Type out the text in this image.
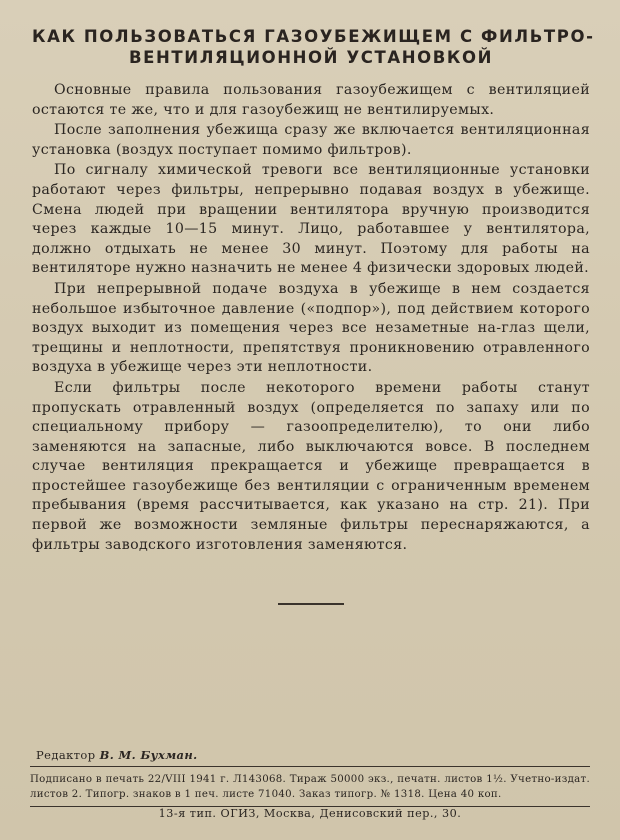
КАК ПОЛЬЗОВАТЬСЯ ГАЗОУБЕЖИЩЕМ С ФИЛЬТРО-
ВЕНТИЛЯЦИОННОЙ УСТАНОВКОЙ

Основные правила пользования газоубежищем с вентиляцией остаются те же, что и для газоубежищ не вентилируемых.

После заполнения убежища сразу же включается вентиляционная установка (воздух поступает помимо фильтров).

По сигналу химической тревоги все вентиляционные установки работают через фильтры, непрерывно подавая воздух в убежище. Смена людей при вращении вентилятора вручную производится через каждые 10—15 минут. Лицо, работавшее у вентилятора, должно отдыхать не менее 30 минут. Поэтому для работы на вентиляторе нужно назначить не менее 4 физически здоровых людей.

При непрерывной подаче воздуха в убежище в нем создается небольшое избыточное давление («подпор»), под действием которого воздух выходит из помещения через все незаметные на-глаз щели, трещины и неплотности, препятствуя проникновению отравленного воздуха в убежище через эти неплотности.

Если фильтры после некоторого времени работы станут пропускать отравленный воздух (определяется по запаху или по специальному прибору — газоопределителю), то они либо заменяются на запасные, либо выключаются вовсе. В последнем случае вентиляция прекращается и убежище превращается в простейшее газоубежище без вентиляции с ограниченным временем пребывания (время рассчитывается, как указано на стр. 21). При первой же возможности земляные фильтры переснаряжаются, а фильтры заводского изготовления заменяются.

Редактор В. М. Бухман.
Подписано в печать 22/VIII 1941 г. Л143068. Тираж 50000 экз., печатн. листов 1½. Учетно-издат. листов 2. Типогр. знаков в 1 печ. листе 71040. Заказ типогр. № 1318. Цена 40 коп.
13-я тип. ОГИЗ, Москва, Денисовский пер., 30.
